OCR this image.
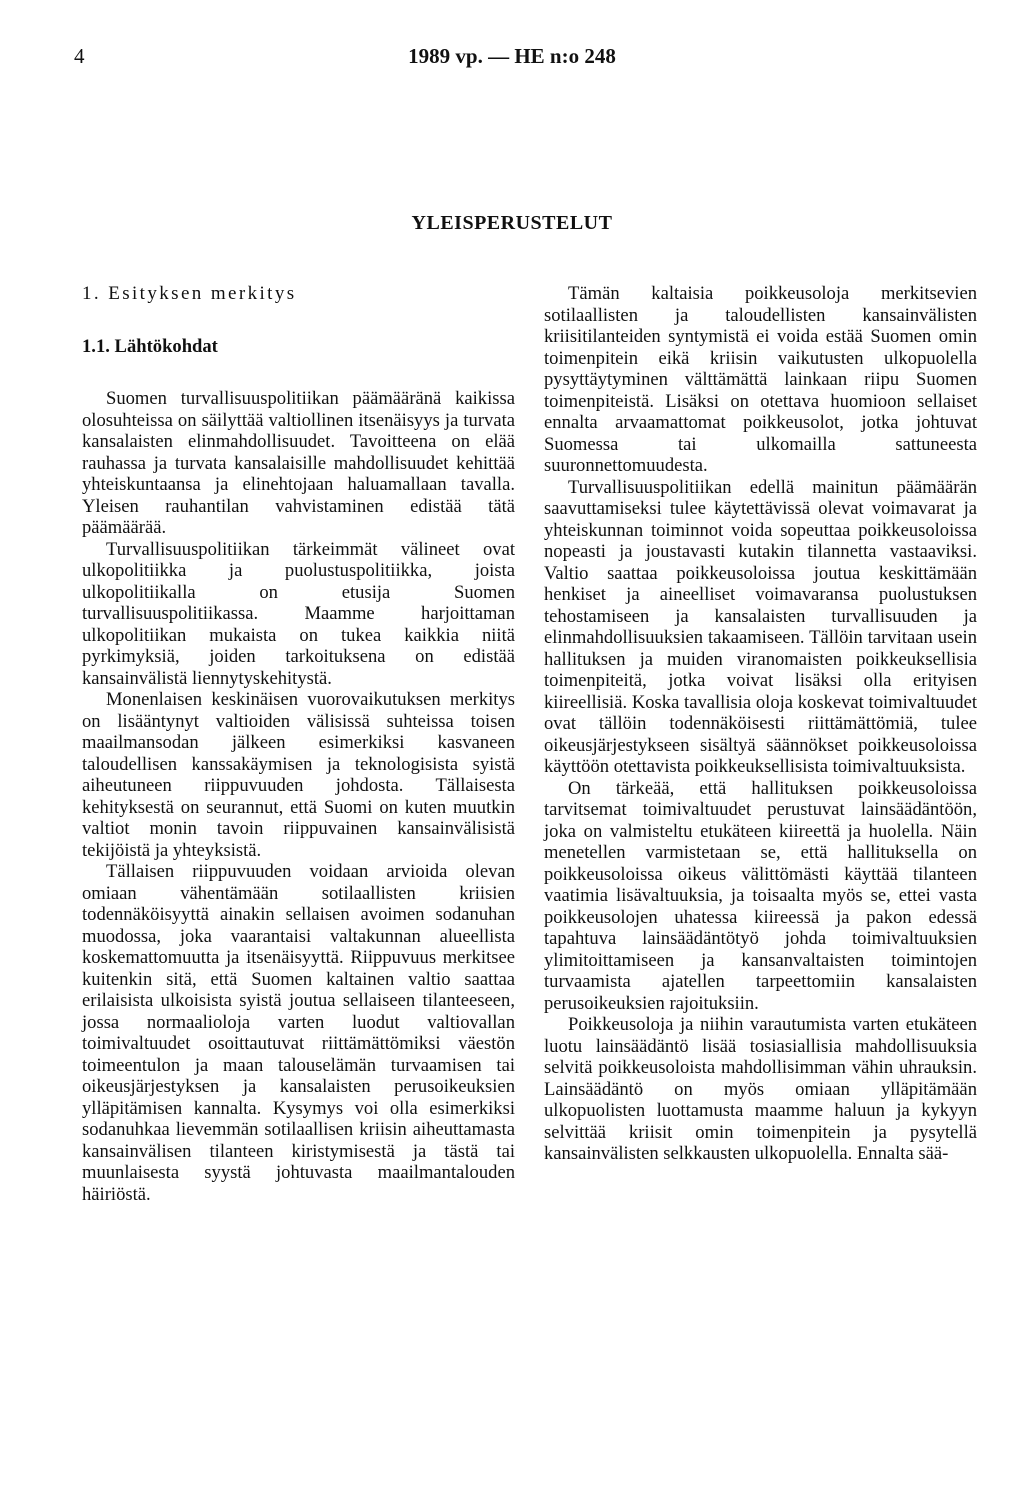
4	1989 vp. — HE n:o 248
YLEISPERUSTELUT
1. Esityksen merkitys
1.1. Lähtökohdat

Suomen turvallisuuspolitiikan päämääränä kaikissa olosuhteissa on säilyttää valtiollinen itsenäisyys ja turvata kansalaisten elinmahdollisuudet. Tavoitteena on elää rauhassa ja turvata kansalaisille mahdollisuudet kehittää yhteiskuntaansa ja elinehtojaan haluamallaan tavalla. Yleisen rauhantilan vahvistaminen edistää tätä päämäärää.

Turvallisuuspolitiikan tärkeimmät välineet ovat ulkopolitiikka ja puolustuspolitiikka, joista ulkopolitiikalla on etusija Suomen turvallisuuspolitiikassa. Maamme harjoittaman ulkopolitiikan mukaista on tukea kaikkia niitä pyrkimyksiä, joiden tarkoituksena on edistää kansainvälistä liennytyskehitystä.

Monenlaisen keskinäisen vuorovaikutuksen merkitys on lisääntynyt valtioiden välisissä suhteissa toisen maailmansodan jälkeen esimerkiksi kasvaneen taloudellisen kanssakäymisen ja teknologisista syistä aiheutuneen riippuvuuden johdosta. Tällaisesta kehityksestä on seurannut, että Suomi on kuten muutkin valtiot monin tavoin riippuvainen kansainvälisistä tekijöistä ja yhteyksistä.

Tällaisen riippuvuuden voidaan arvioida olevan omiaan vähentämään sotilaallisten kriisien todennäköisyyttä ainakin sellaisen avoimen sodanuhan muodossa, joka vaarantaisi valtakunnan alueellista koskemattomuutta ja itsenäisyyttä. Riippuvuus merkitsee kuitenkin sitä, että Suomen kaltainen valtio saattaa erilaisista ulkoisista syistä joutua sellaiseen tilanteeseen, jossa normaalioloja varten luodut valtiovallan toimivaltuudet osoittautuvat riittämättömiksi väestön toimeentulon ja maan talouselämän turvaamisen tai oikeusjärjestyksen ja kansalaisten perusoikeuksien ylläpitämisen kannalta. Kysymys voi olla esimerkiksi sodanuhkaa lievemmän sotilaallisen kriisin aiheuttamasta kansainvälisen tilanteen kiristymisestä ja tästä tai muunlaisesta syystä johtuvasta maailmantalouden häiriöstä.

Tämän kaltaisia poikkeusoloja merkitsevien sotilaallisten ja taloudellisten kansainvälisten kriisitilanteiden syntymistä ei voida estää Suomen omin toimenpitein eikä kriisin vaikutusten ulkopuolella pysyttäytyminen välttämättä lainkaan riipu Suomen toimenpiteistä. Lisäksi on otettava huomioon sellaiset ennalta arvaamattomat poikkeusolot, jotka johtuvat Suomessa tai ulkomailla sattuneesta suuronnettomuudesta.

Turvallisuuspolitiikan edellä mainitun päämäärän saavuttamiseksi tulee käytettävissä olevat voimavarat ja yhteiskunnan toiminnot voida sopeuttaa poikkeusoloissa nopeasti ja joustavasti kutakin tilannetta vastaaviksi. Valtio saattaa poikkeusoloissa joutua keskittämään henkiset ja aineelliset voimavaransa puolustuksen tehostamiseen ja kansalaisten turvallisuuden ja elinmahdollisuuksien takaamiseen. Tällöin tarvitaan usein hallituksen ja muiden viranomaisten poikkeuksellisia toimenpiteitä, jotka voivat lisäksi olla erityisen kiireellisiä. Koska tavallisia oloja koskevat toimivaltuudet ovat tällöin todennäköisesti riittämättömiä, tulee oikeusjärjestykseen sisältyä säännökset poikkeusoloissa käyttöön otettavista poikkeuksellisista toimivaltuuksista.

On tärkeää, että hallituksen poikkeusoloissa tarvitsemat toimivaltuudet perustuvat lainsäädäntöön, joka on valmisteltu etukäteen kiireettä ja huolella. Näin menetellen varmistetaan se, että hallituksella on poikkeusoloissa oikeus välittömästi käyttää tilanteen vaatimia lisävaltuuksia, ja toisaalta myös se, ettei vasta poikkeusolojen uhatessa kiireessä ja pakon edessä tapahtuva lainsäädäntötyö johda toimivaltuuksien ylimitoittamiseen ja kansanvaltaisten toimintojen turvaamista ajatellen tarpeettomiin kansalaisten perusoikeuksien rajoituksiin.

Poikkeusoloja ja niihin varautumista varten etukäteen luotu lainsäädäntö lisää tosiasiallisia mahdollisuuksia selvitä poikkeusoloista mahdollisimman vähin uhrauksin. Lainsäädäntö on myös omiaan ylläpitämään ulkopuolisten luottamusta maamme haluun ja kykyyn selvittää kriisit omin toimenpitein ja pysytellä kansainvälisten selkkausten ulkopuolella. Ennalta sää-
